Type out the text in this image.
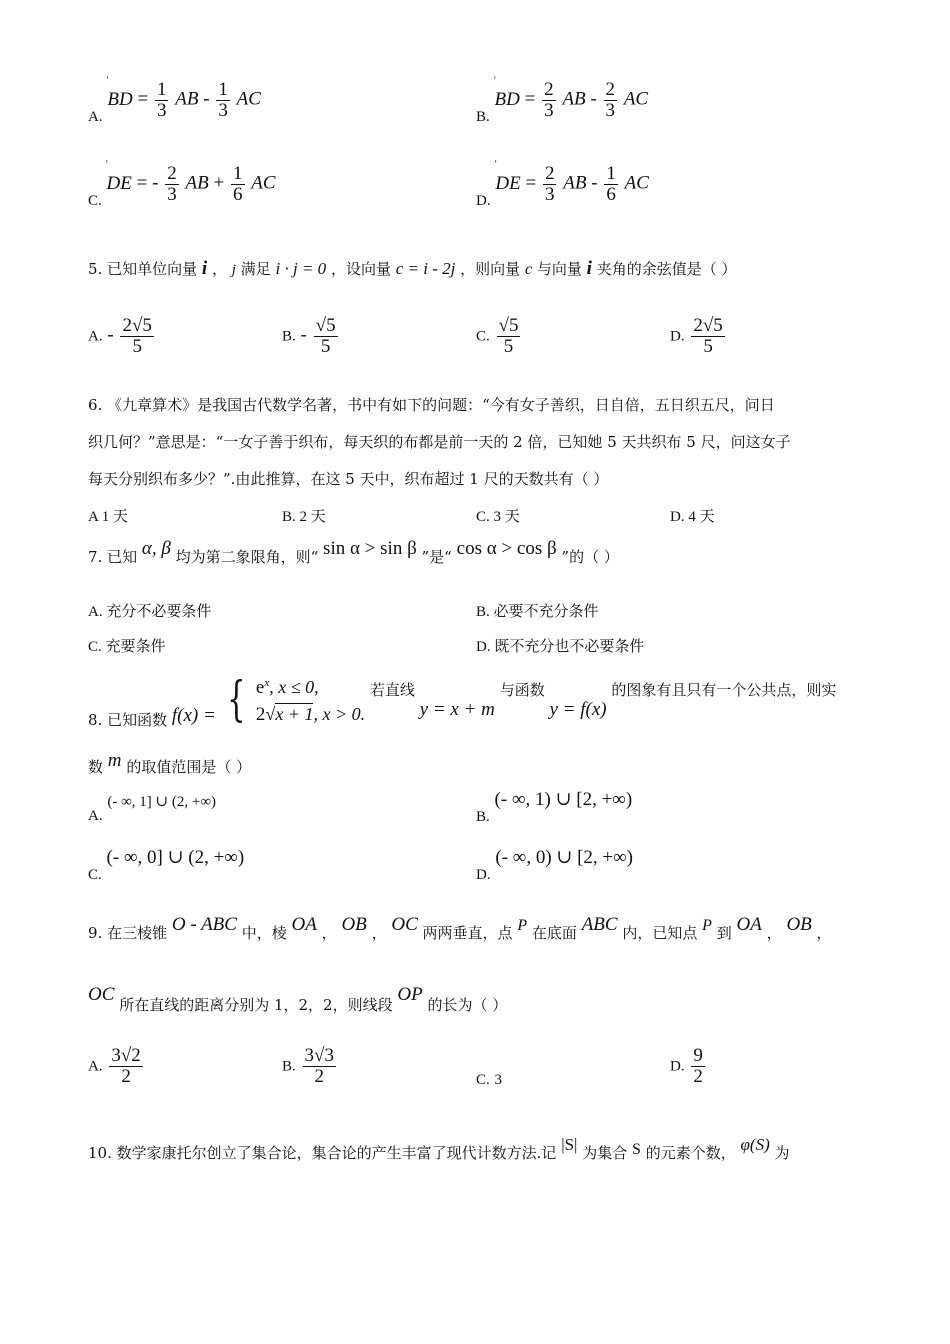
A. ˈ BD = $\frac{1}{3}$ AB - $\frac{1}{3}$ AC
B. ˈ BD = $\frac{2}{3}$ AB - $\frac{2}{3}$ AC
C. ˈ DE = - $\frac{2}{3}$ AB + $\frac{1}{6}$ AC
D. ˈ DE = $\frac{2}{3}$ AB - $\frac{1}{6}$ AC
5. 已知单位向量 i ， j 满足 i · j = 0 ，设向量 c = i - 2j ，则向量 c 与向量 i 夹角的余弦值是（ ）
A. - $\frac{2√5}{5}$	B. - $\frac{√5}{5}$	C. $\frac{√5}{5}$	D. $\frac{2√5}{5}$
6. 《九章算术》是我国古代数学名著，书中有如下的问题：“今有女子善织，日自倍，五日织五尺，问日
织几何？”意思是：“一女子善于织布，每天织的布都是前一天的 2 倍，已知她 5 天共织布 5 尺，问这女子
每天分别织布多少？”.由此推算，在这 5 天中，织布超过 1 尺的天数共有（ ）
A 1 天	B. 2 天	C. 3 天	D. 4 天
7. 已知 α, β 均为第二象限角，则“ sin α > sin β ”是“ cos α > cos β ”的（ ）
A. 充分不必要条件	B. 必要不充分条件
C. 充要条件	D. 既不充分也不必要条件
8. 已知函数 f(x) = { $e^x$, x ≤ 0,
2√x + 1, x > 0.
若直线 y = x + m 与函数 y = f(x) 的图象有且只有一个公共点，则实
数 m 的取值范围是（ ）
A. (- ∞, 1] ∪ (2, +∞)
B. (- ∞, 1) ∪ [2, +∞)
C. (- ∞, 0] ∪ (2, +∞)
D. (- ∞, 0) ∪ [2, +∞)
9. 在三棱锥 O - ABC 中，棱 OA ， OB ， OC 两两垂直，点 P 在底面 ABC 内，已知点 P 到 OA ， OB ，
OC 所在直线的距离分别为 1，2，2，则线段 OP 的长为（ ）
A. $\frac{3√2}{2}$	B. $\frac{3√3}{2}$	C. 3
D. $\frac{9}{2}$
10. 数学家康托尔创立了集合论，集合论的产生丰富了现代计数方法.记 |S| 为集合 S 的元素个数， φ(S) 为
